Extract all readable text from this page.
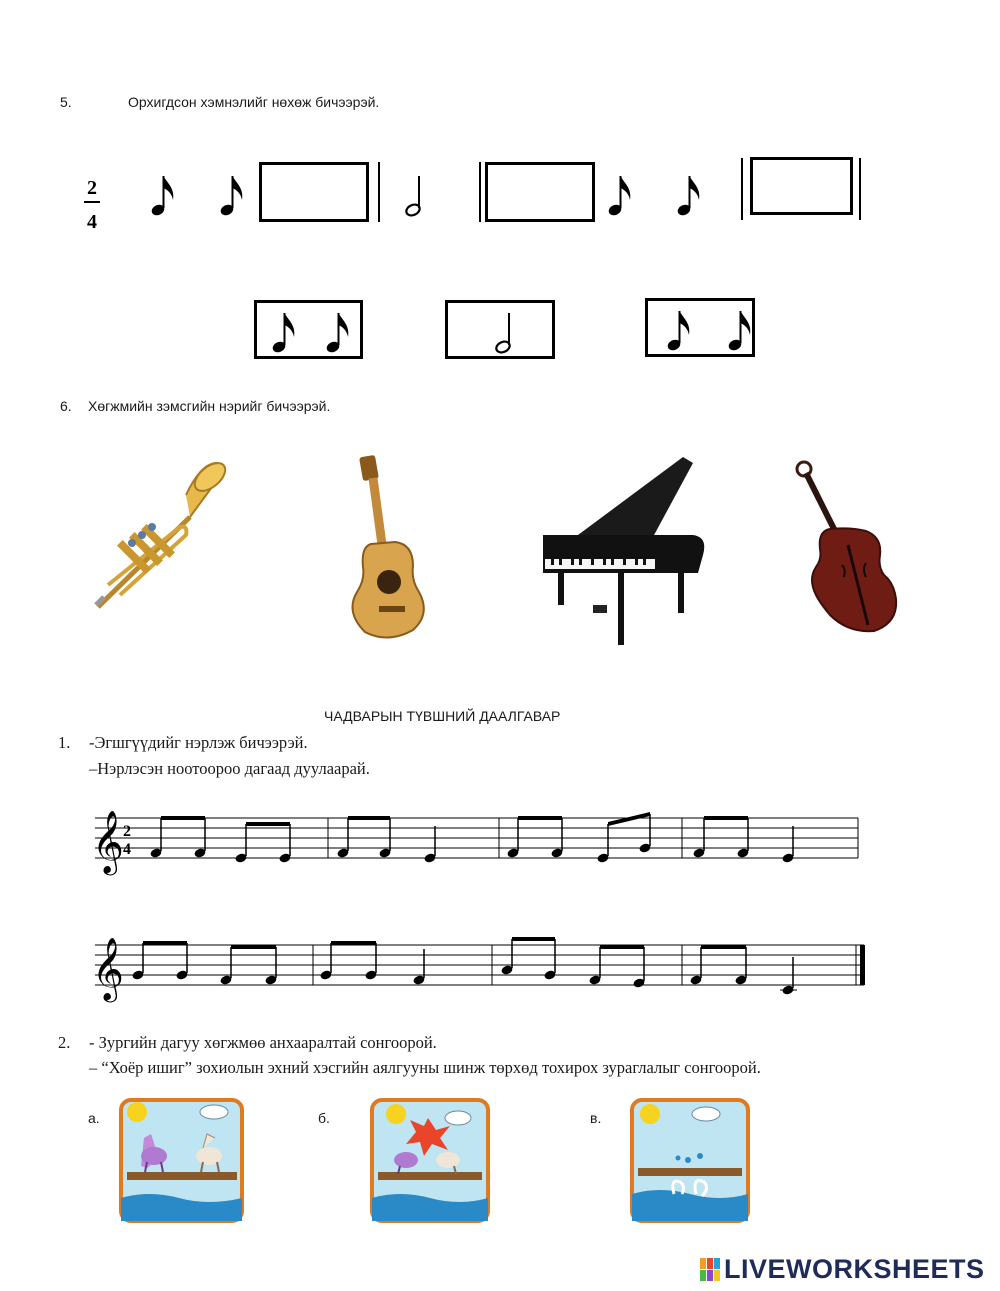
5.	Орхигдсон хэмнэлийг нөхөж бичээрэй.
2
4
6. Хөгжмийн зэмсгийн нэрийг бичээрэй.
ЧАДВАРЫН ТҮВШНИЙ ДААЛГАВАР
1. -Эгшгүүдийг нэрлэж бичээрэй.
–Нэрлэсэн ноотоороо дагаад дуулаарай.
𝄞 2
4
𝄞
2. - Зургийн дагуу хөгжмөө анхааралтай сонгоорой.
– “Хоёр ишиг” зохиолын эхний хэсгийн аялгууны шинж төрхөд тохирох зураглалыг сонгоорой.
а.	б.	в.
LIVEWORKSHEETS
